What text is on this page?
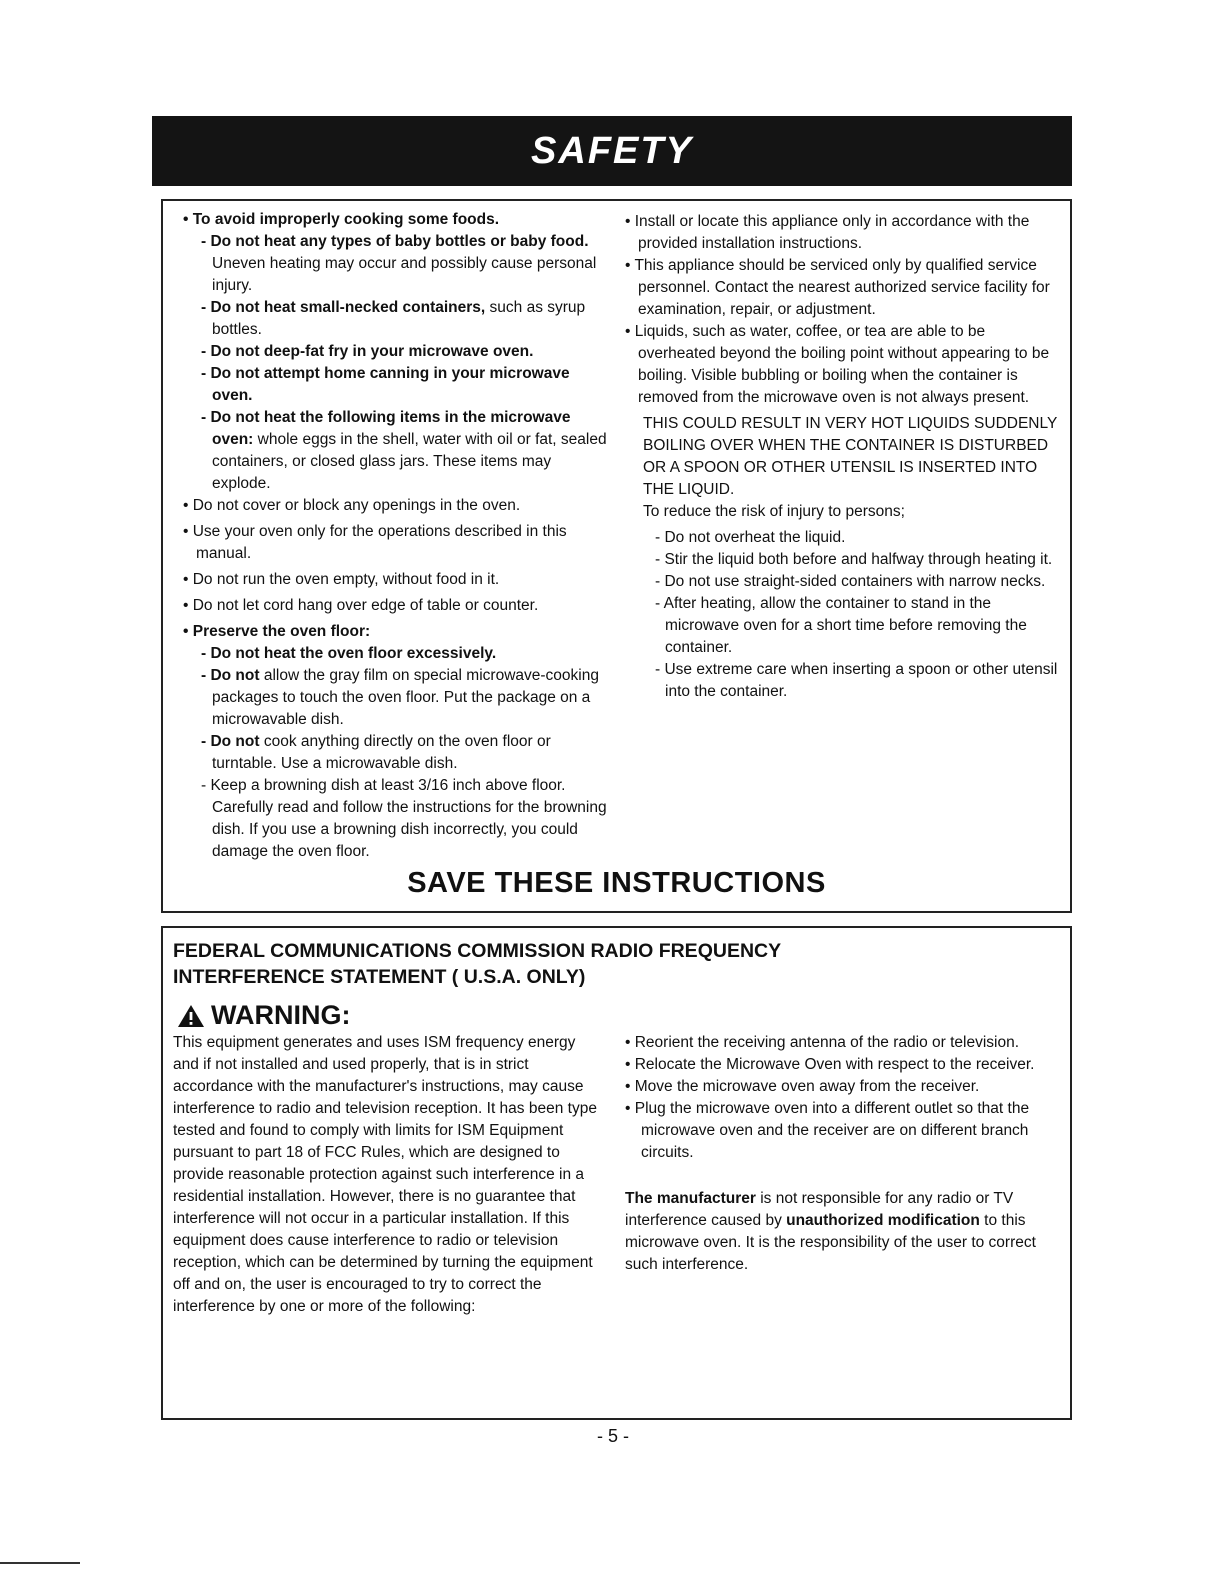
SAFETY

• To avoid improperly cooking some foods.

- Do not heat any types of baby bottles or baby food. Uneven heating may occur and possibly cause personal injury.

- Do not heat small-necked containers, such as syrup bottles.

- Do not deep-fat fry in your microwave oven.

- Do not attempt home canning in your microwave oven.

- Do not heat the following items in the microwave oven: whole eggs in the shell, water with oil or fat, sealed containers, or closed glass jars. These items may explode.

• Do not cover or block any openings in the oven.

• Use your oven only for the operations described in this manual.

• Do not run the oven empty, without food in it.

• Do not let cord hang over edge of table or counter.

• Preserve the oven floor:

- Do not heat the oven floor excessively.

- Do not allow the gray film on special microwave-cooking packages to touch the oven floor. Put the package on a microwavable dish.

- Do not cook anything directly on the oven floor or turntable. Use a microwavable dish.

- Keep a browning dish at least 3/16 inch above floor. Carefully read and follow the instructions for the browning dish. If you use a browning dish incorrectly, you could damage the oven floor.

• Install or locate this appliance only in accordance with the provided installation instructions.

• This appliance should be serviced only by qualified service personnel. Contact the nearest authorized service facility for examination, repair, or adjustment.

• Liquids, such as water, coffee, or tea are able to be overheated beyond the boiling point without appearing to be boiling. Visible bubbling or boiling when the container is removed from the microwave oven is not always present.

THIS COULD RESULT IN VERY HOT LIQUIDS SUDDENLY BOILING OVER WHEN THE CONTAINER IS DISTURBED OR A SPOON OR OTHER UTENSIL IS INSERTED INTO THE LIQUID.

To reduce the risk of injury to persons;

- Do not overheat the liquid.

- Stir the liquid both before and halfway through heating it.

- Do not use straight-sided containers with narrow necks.

- After heating, allow the container to stand in the microwave oven for a short time before removing the container.

- Use extreme care when inserting a spoon or other utensil into the container.

SAVE THESE INSTRUCTIONS
FEDERAL COMMUNICATIONS COMMISSION RADIO FREQUENCY
INTERFERENCE STATEMENT ( U.S.A. ONLY)
WARNING:

This equipment generates and uses ISM frequency energy and if not installed and used properly, that is in strict accordance with the manufacturer's instructions, may cause interference to radio and television reception. It has been type tested and found to comply with limits for ISM Equipment pursuant to part 18 of FCC Rules, which are designed to provide reasonable protection against such interference in a residential installation. However, there is no guarantee that interference will not occur in a particular installation. If this equipment does cause interference to radio or television reception, which can be determined by turning the equipment off and on, the user is encouraged to try to correct the interference by one or more of the following:

• Reorient the receiving antenna of the radio or television.

• Relocate the Microwave Oven with respect to the receiver.

• Move the microwave oven away from the receiver.

• Plug the microwave oven into a different outlet so that the microwave oven and the receiver are on different branch circuits.

The manufacturer is not responsible for any radio or TV interference caused by unauthorized modification to this microwave oven. It is the responsibility of the user to correct such interference.

- 5 -
